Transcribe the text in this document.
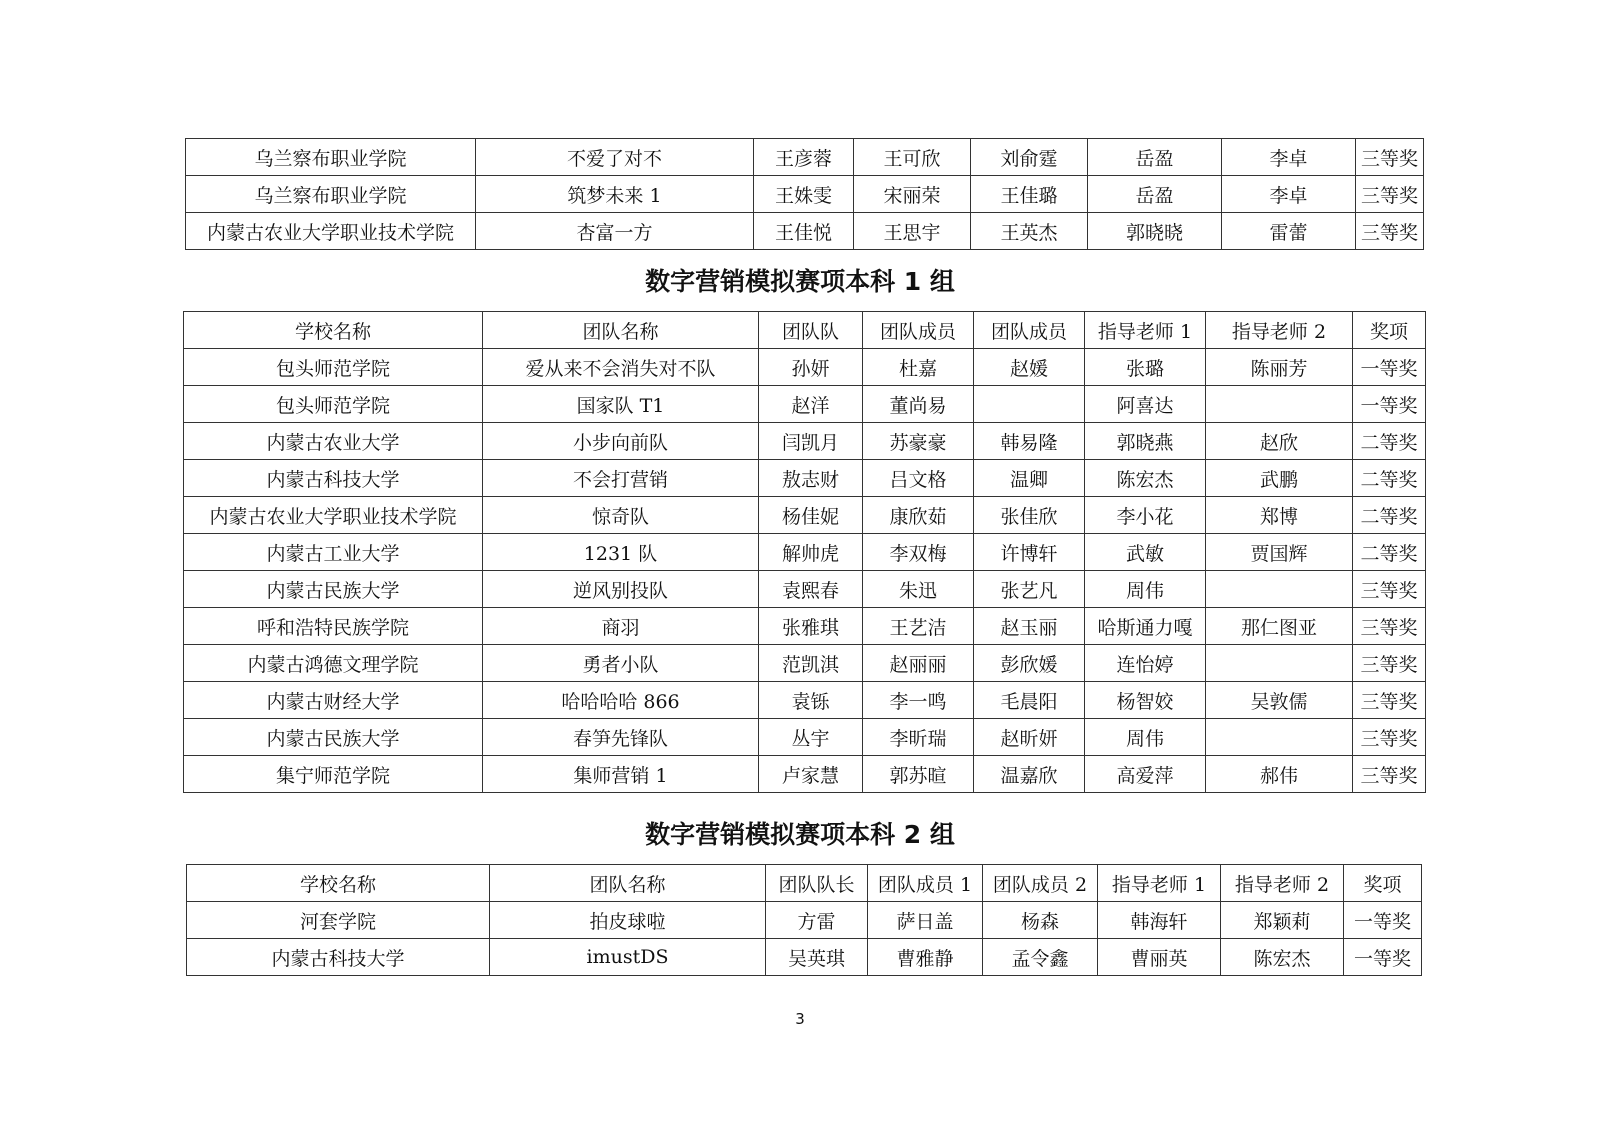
乌兰察布职业学院	不爱了对不	王彦蓉	王可欣	刘俞霆	岳盈	李卓	三等奖
乌兰察布职业学院	筑梦未来 1	王姝雯	宋丽荣	王佳璐	岳盈	李卓	三等奖
内蒙古农业大学职业技术学院	杏富一方	王佳悦	王思宇	王英杰	郭晓晓	雷蕾	三等奖
数字营销模拟赛项本科 1 组
学校名称	团队名称	团队队	团队成员	团队成员	指导老师 1	指导老师 2	奖项
包头师范学院	爱从来不会消失对不队	孙妍	杜嘉	赵媛	张璐	陈丽芳	一等奖
包头师范学院	国家队 T1	赵洋	董尚易		阿喜达		一等奖
内蒙古农业大学	小步向前队	闫凯月	苏豪豪	韩易隆	郭晓燕	赵欣	二等奖
内蒙古科技大学	不会打营销	敖志财	吕文格	温卿	陈宏杰	武鹏	二等奖
内蒙古农业大学职业技术学院	惊奇队	杨佳妮	康欣茹	张佳欣	李小花	郑博	二等奖
内蒙古工业大学	1231 队	解帅虎	李双梅	许博轩	武敏	贾国辉	二等奖
内蒙古民族大学	逆风别投队	袁熙春	朱迅	张艺凡	周伟		三等奖
呼和浩特民族学院	商羽	张雅琪	王艺洁	赵玉丽	哈斯通力嘎	那仁图亚	三等奖
内蒙古鸿德文理学院	勇者小队	范凯淇	赵丽丽	彭欣媛	连怡婷		三等奖
内蒙古财经大学	哈哈哈哈 866	袁铄	李一鸣	毛晨阳	杨智姣	吴敦儒	三等奖
内蒙古民族大学	春笋先锋队	丛宇	李昕瑞	赵昕妍	周伟		三等奖
集宁师范学院	集师营销 1	卢家慧	郭苏暄	温嘉欣	高爱萍	郝伟	三等奖
数字营销模拟赛项本科 2 组
学校名称	团队名称	团队队长	团队成员 1	团队成员 2	指导老师 1	指导老师 2	奖项
河套学院	拍皮球啦	方雷	萨日盖	杨森	韩海轩	郑颖莉	一等奖
内蒙古科技大学	imustDS	吴英琪	曹雅静	孟令鑫	曹丽英	陈宏杰	一等奖
3
